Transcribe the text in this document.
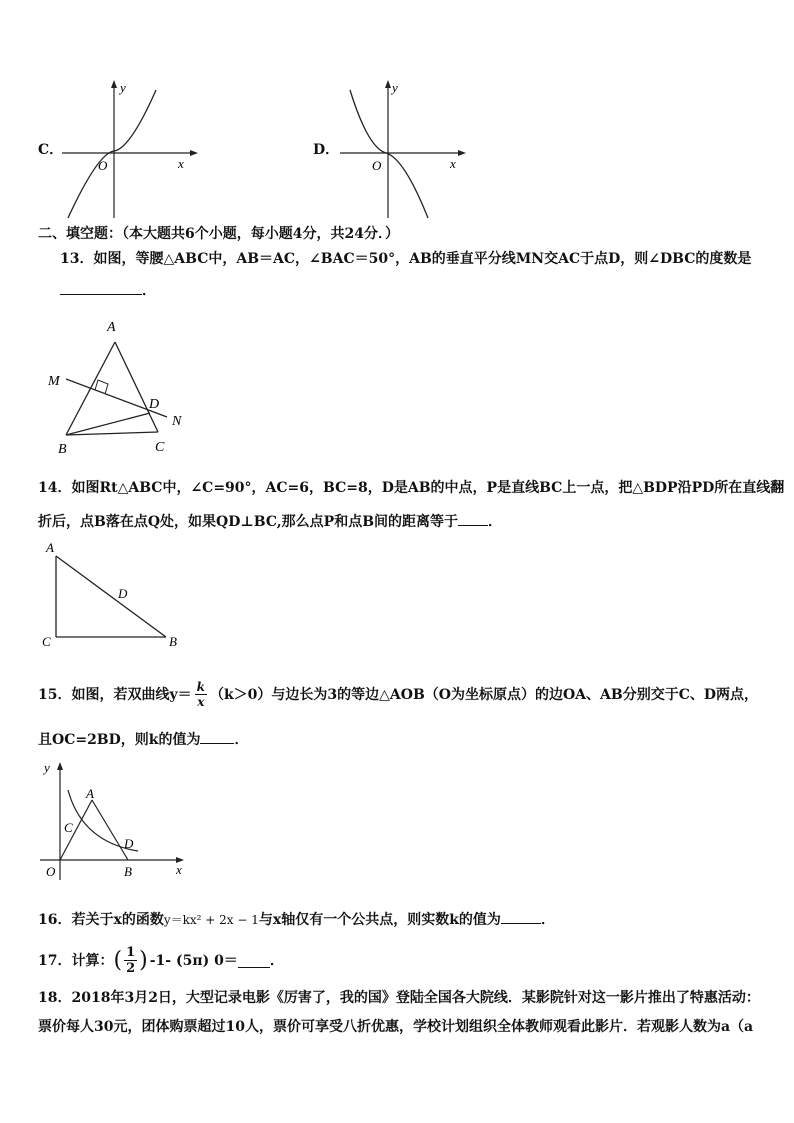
C．
y
x
O
D．
y
x
O
二、填空题：（本大题共6个小题，每小题4分，共24分．）
13．如图，等腰△ABC中，AB＝AC，∠BAC＝50°，AB的垂直平分线MN交AC于点D，则∠DBC的度数是
．
A
M
D
N
B	C
14．如图Rt△ABC中，∠C=90°，AC=6，BC=8，D是AB的中点，P是直线BC上一点，把△BDP沿PD所在直线翻
折后，点B落在点Q处，如果QD⊥BC,那么点P和点B间的距离等于 ．
A
D
C	B
15．如图，若双曲线y＝ k
x （k＞0）与边长为3的等边△AOB（O为坐标原点）的边OA、AB分别交于C、D两点，
且OC=2BD，则k的值为 ．
y
A
C
D
O	B	x
16．若关于x的函数y＝kx² + 2x − 1与x轴仅有一个公共点，则实数k的值为	．
17．计算： ( 1
2 ) -1- (5π) 0＝ ．
18．2018年3月2日，大型记录电影《厉害了，我的国》登陆全国各大院线．某影院针对这一影片推出了特惠活动：
票价每人30元，团体购票超过10人，票价可享受八折优惠，学校计划组织全体教师观看此影片．若观影人数为a（a
